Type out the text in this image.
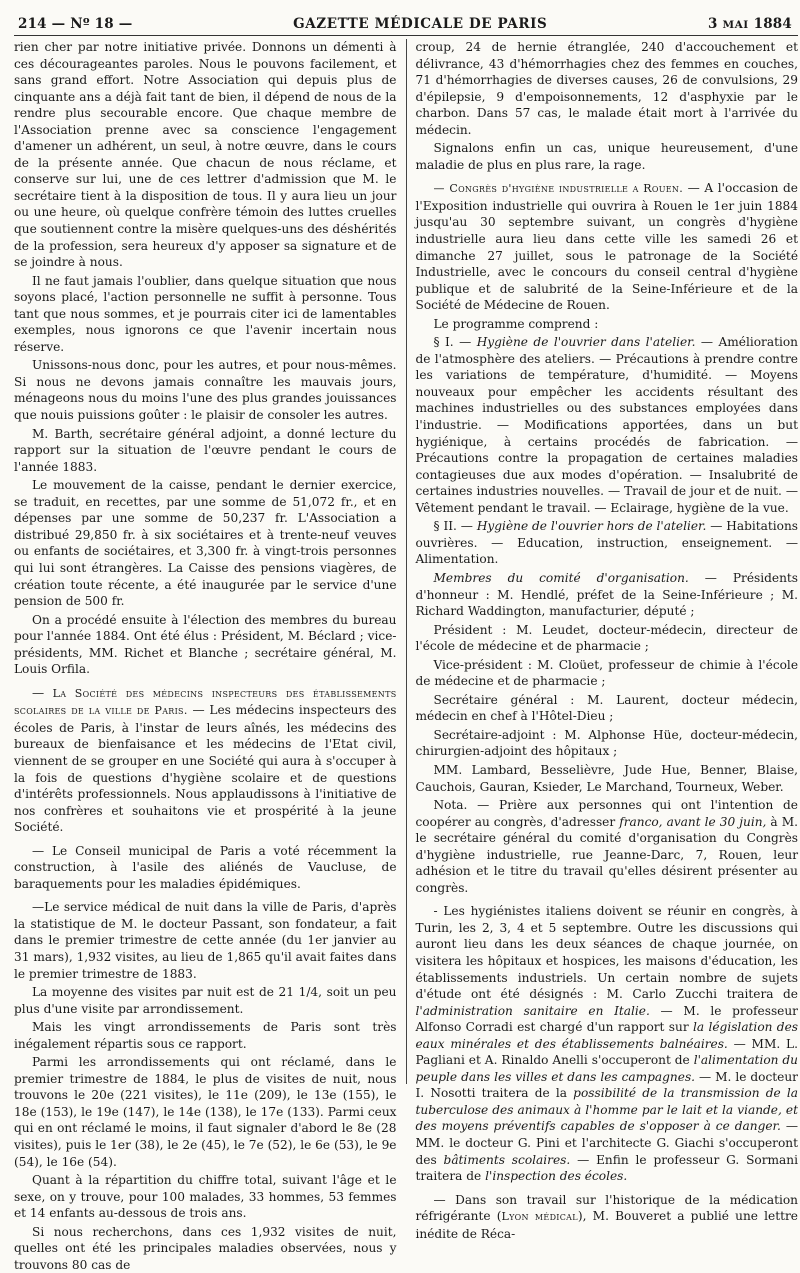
214 — Nº 18 —	GAZETTE MÉDICALE DE PARIS	3 MAI 1884

rien cher par notre initiative privée. Donnons un démenti à ces décourageantes paroles. Nous le pouvons facilement, et sans grand effort. Notre Association qui depuis plus de cinquante ans a déjà fait tant de bien, il dépend de nous de la rendre plus secourable encore. Que chaque membre de l'Association prenne avec sa conscience l'engagement d'amener un adhérent, un seul, à notre œuvre, dans le cours de la présente année. Que chacun de nous réclame, et conserve sur lui, une de ces lettrer d'admission que M. le secrétaire tient à la disposition de tous. Il y aura lieu un jour ou une heure, où quelque confrère témoin des luttes cruelles que soutiennent contre la misère quelques-uns des déshérités de la profession, sera heureux d'y apposer sa signature et de se joindre à nous.

Il ne faut jamais l'oublier, dans quelque situation que nous soyons placé, l'action personnelle ne suffit à personne. Tous tant que nous sommes, et je pourrais citer ici de lamentables exemples, nous ignorons ce que l'avenir incertain nous réserve.

Unissons-nous donc, pour les autres, et pour nous-mêmes. Si nous ne devons jamais connaître les mauvais jours, ménageons nous du moins l'une des plus grandes jouissances que nouis puissions goûter : le plaisir de consoler les autres.

M. Barth, secrétaire général adjoint, a donné lecture du rapport sur la situation de l'œuvre pendant le cours de l'année 1883.

Le mouvement de la caisse, pendant le dernier exercice, se traduit, en recettes, par une somme de 51,072 fr., et en dépenses par une somme de 50,237 fr. L'Association a distribué 29,850 fr. à six sociétaires et à trente-neuf veuves ou enfants de sociétaires, et 3,300 fr. à vingt-trois personnes qui lui sont étrangères. La Caisse des pensions viagères, de création toute récente, a été inaugurée par le service d'une pension de 500 fr.

On a procédé ensuite à l'élection des membres du bureau pour l'année 1884. Ont été élus : Président, M. Béclard ; vice-présidents, MM. Richet et Blanche ; secrétaire général, M. Louis Orfila.

— La Société des médecins inspecteurs des établissements scolaires de la ville de Paris. — Les médecins inspecteurs des écoles de Paris, à l'instar de leurs aînés, les médecins des bureaux de bienfaisance et les médecins de l'Etat civil, viennent de se grouper en une Société qui aura à s'occuper à la fois de questions d'hygiène scolaire et de questions d'intérêts professionnels. Nous applaudissons à l'initiative de nos confrères et souhaitons vie et prospérité à la jeune Société.

— Le Conseil municipal de Paris a voté récemment la construction, à l'asile des aliénés de Vaucluse, de baraquements pour les maladies épidémiques.

—Le service médical de nuit dans la ville de Paris, d'après la statistique de M. le docteur Passant, son fondateur, a fait dans le premier trimestre de cette année (du 1er janvier au 31 mars), 1,932 visites, au lieu de 1,865 qu'il avait faites dans le premier trimestre de 1883.

La moyenne des visites par nuit est de 21 1/4, soit un peu plus d'une visite par arrondissement.

Mais les vingt arrondissements de Paris sont très inégalement répartis sous ce rapport.

Parmi les arrondissements qui ont réclamé, dans le premier trimestre de 1884, le plus de visites de nuit, nous trouvons le 20e (221 visites), le 11e (209), le 13e (155), le 18e (153), le 19e (147), le 14e (138), le 17e (133). Parmi ceux qui en ont réclamé le moins, il faut signaler d'abord le 8e (28 visites), puis le 1er (38), le 2e (45), le 7e (52), le 6e (53), le 9e (54), le 16e (54).

Quant à la répartition du chiffre total, suivant l'âge et le sexe, on y trouve, pour 100 malades, 33 hommes, 53 femmes et 14 enfants au-dessous de trois ans.

Si nous recherchons, dans ces 1,932 visites de nuit, quelles ont été les principales maladies observées, nous y trouvons 80 cas de

croup, 24 de hernie étranglée, 240 d'accouchement et délivrance, 43 d'hémorrhagies chez des femmes en couches, 71 d'hémorrhagies de diverses causes, 26 de convulsions, 29 d'épilepsie, 9 d'empoisonnements, 12 d'asphyxie par le charbon. Dans 57 cas, le malade était mort à l'arrivée du médecin.

Signalons enfin un cas, unique heureusement, d'une maladie de plus en plus rare, la rage.

— Congrès d'hygiène industrielle a Rouen. — A l'occasion de l'Exposition industrielle qui ouvrira à Rouen le 1er juin 1884 jusqu'au 30 septembre suivant, un congrès d'hygiène industrielle aura lieu dans cette ville les samedi 26 et dimanche 27 juillet, sous le patronage de la Société Industrielle, avec le concours du conseil central d'hygiène publique et de salubrité de la Seine-Inférieure et de la Société de Médecine de Rouen.

Le programme comprend :

§ I. — Hygiène de l'ouvrier dans l'atelier. — Amélioration de l'atmosphère des ateliers. — Précautions à prendre contre les variations de température, d'humidité. — Moyens nouveaux pour empêcher les accidents résultant des machines industrielles ou des substances employées dans l'industrie. — Modifications apportées, dans un but hygiénique, à certains procédés de fabrication. — Précautions contre la propagation de certaines maladies contagieuses due aux modes d'opération. — Insalubrité de certaines industries nouvelles. — Travail de jour et de nuit. — Vêtement pendant le travail. — Eclairage, hygiène de la vue.

§ II. — Hygiène de l'ouvrier hors de l'atelier. — Habitations ouvrières. — Education, instruction, enseignement. — Alimentation.

Membres du comité d'organisation. — Présidents d'honneur : M. Hendlé, préfet de la Seine-Inférieure ; M. Richard Waddington, manufacturier, député ;

Président : M. Leudet, docteur-médecin, directeur de l'école de médecine et de pharmacie ;

Vice-président : M. Cloüet, professeur de chimie à l'école de médecine et de pharmacie ;

Secrétaire général : M. Laurent, docteur médecin, médecin en chef à l'Hôtel-Dieu ;

Secrétaire-adjoint : M. Alphonse Hüe, docteur-médecin, chirurgien-adjoint des hôpitaux ;

MM. Lambard, Besselièvre, Jude Hue, Benner, Blaise, Cauchois, Gauran, Ksieder, Le Marchand, Tourneux, Weber.

Nota. — Prière aux personnes qui ont l'intention de coopérer au congrès, d'adresser franco, avant le 30 juin, à M. le secrétaire général du comité d'organisation du Congrès d'hygiène industrielle, rue Jeanne-Darc, 7, Rouen, leur adhésion et le titre du travail qu'elles désirent présenter au congrès.

- Les hygiénistes italiens doivent se réunir en congrès, à Turin, les 2, 3, 4 et 5 septembre. Outre les discussions qui auront lieu dans les deux séances de chaque journée, on visitera les hôpitaux et hospices, les maisons d'éducation, les établissements industriels. Un certain nombre de sujets d'étude ont été désignés : M. Carlo Zucchi traitera de l'administration sanitaire en Italie. — M. le professeur Alfonso Corradi est chargé d'un rapport sur la législation des eaux minérales et des établissements balnéaires. — MM. L. Pagliani et A. Rinaldo Anelli s'occuperont de l'alimentation du peuple dans les villes et dans les campagnes. — M. le docteur I. Nosotti traitera de la possibilité de la transmission de la tuberculose des animaux à l'homme par le lait et la viande, et des moyens préventifs capables de s'opposer à ce danger. — MM. le docteur G. Pini et l'architecte G. Giachi s'occuperont des bâtiments scolaires. — Enfin le professeur G. Sormani traitera de l'inspection des écoles.

— Dans son travail sur l'historique de la médication réfrigérante (Lyon médical), M. Bouveret a publié une lettre inédite de Réca-
